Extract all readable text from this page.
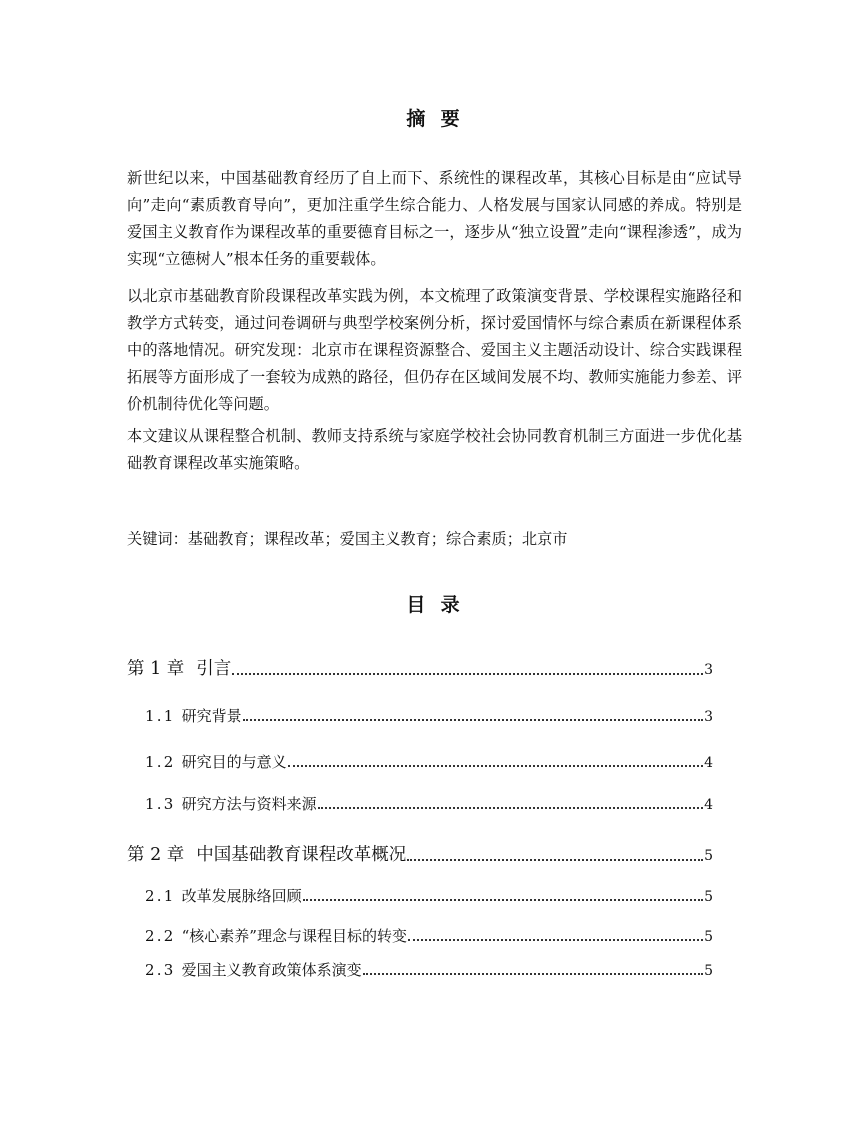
摘要

新世纪以来，中国基础教育经历了自上而下、系统性的课程改革，其核心目标是由“应试导向”走向“素质教育导向”，更加注重学生综合能力、人格发展与国家认同感的养成。特别是爱国主义教育作为课程改革的重要德育目标之一，逐步从“独立设置”走向“课程渗透”，成为实现“立德树人”根本任务的重要载体。

以北京市基础教育阶段课程改革实践为例，本文梳理了政策演变背景、学校课程实施路径和教学方式转变，通过问卷调研与典型学校案例分析，探讨爱国情怀与综合素质在新课程体系中的落地情况。研究发现：北京市在课程资源整合、爱国主义主题活动设计、综合实践课程拓展等方面形成了一套较为成熟的路径，但仍存在区域间发展不均、教师实施能力参差、评价机制待优化等问题。

本文建议从课程整合机制、教师支持系统与家庭学校社会协同教育机制三方面进一步优化基础教育课程改革实施策略。

关键词：基础教育；课程改革；爱国主义教育；综合素质；北京市

目录
第 1 章 引言	3
1.1 研究背景	3
1.2 研究目的与意义	4
1.3 研究方法与资料来源	4
第 2 章 中国基础教育课程改革概况	5
2.1 改革发展脉络回顾	5
2.2 “核心素养”理念与课程目标的转变	5
2.3 爱国主义教育政策体系演变	5
